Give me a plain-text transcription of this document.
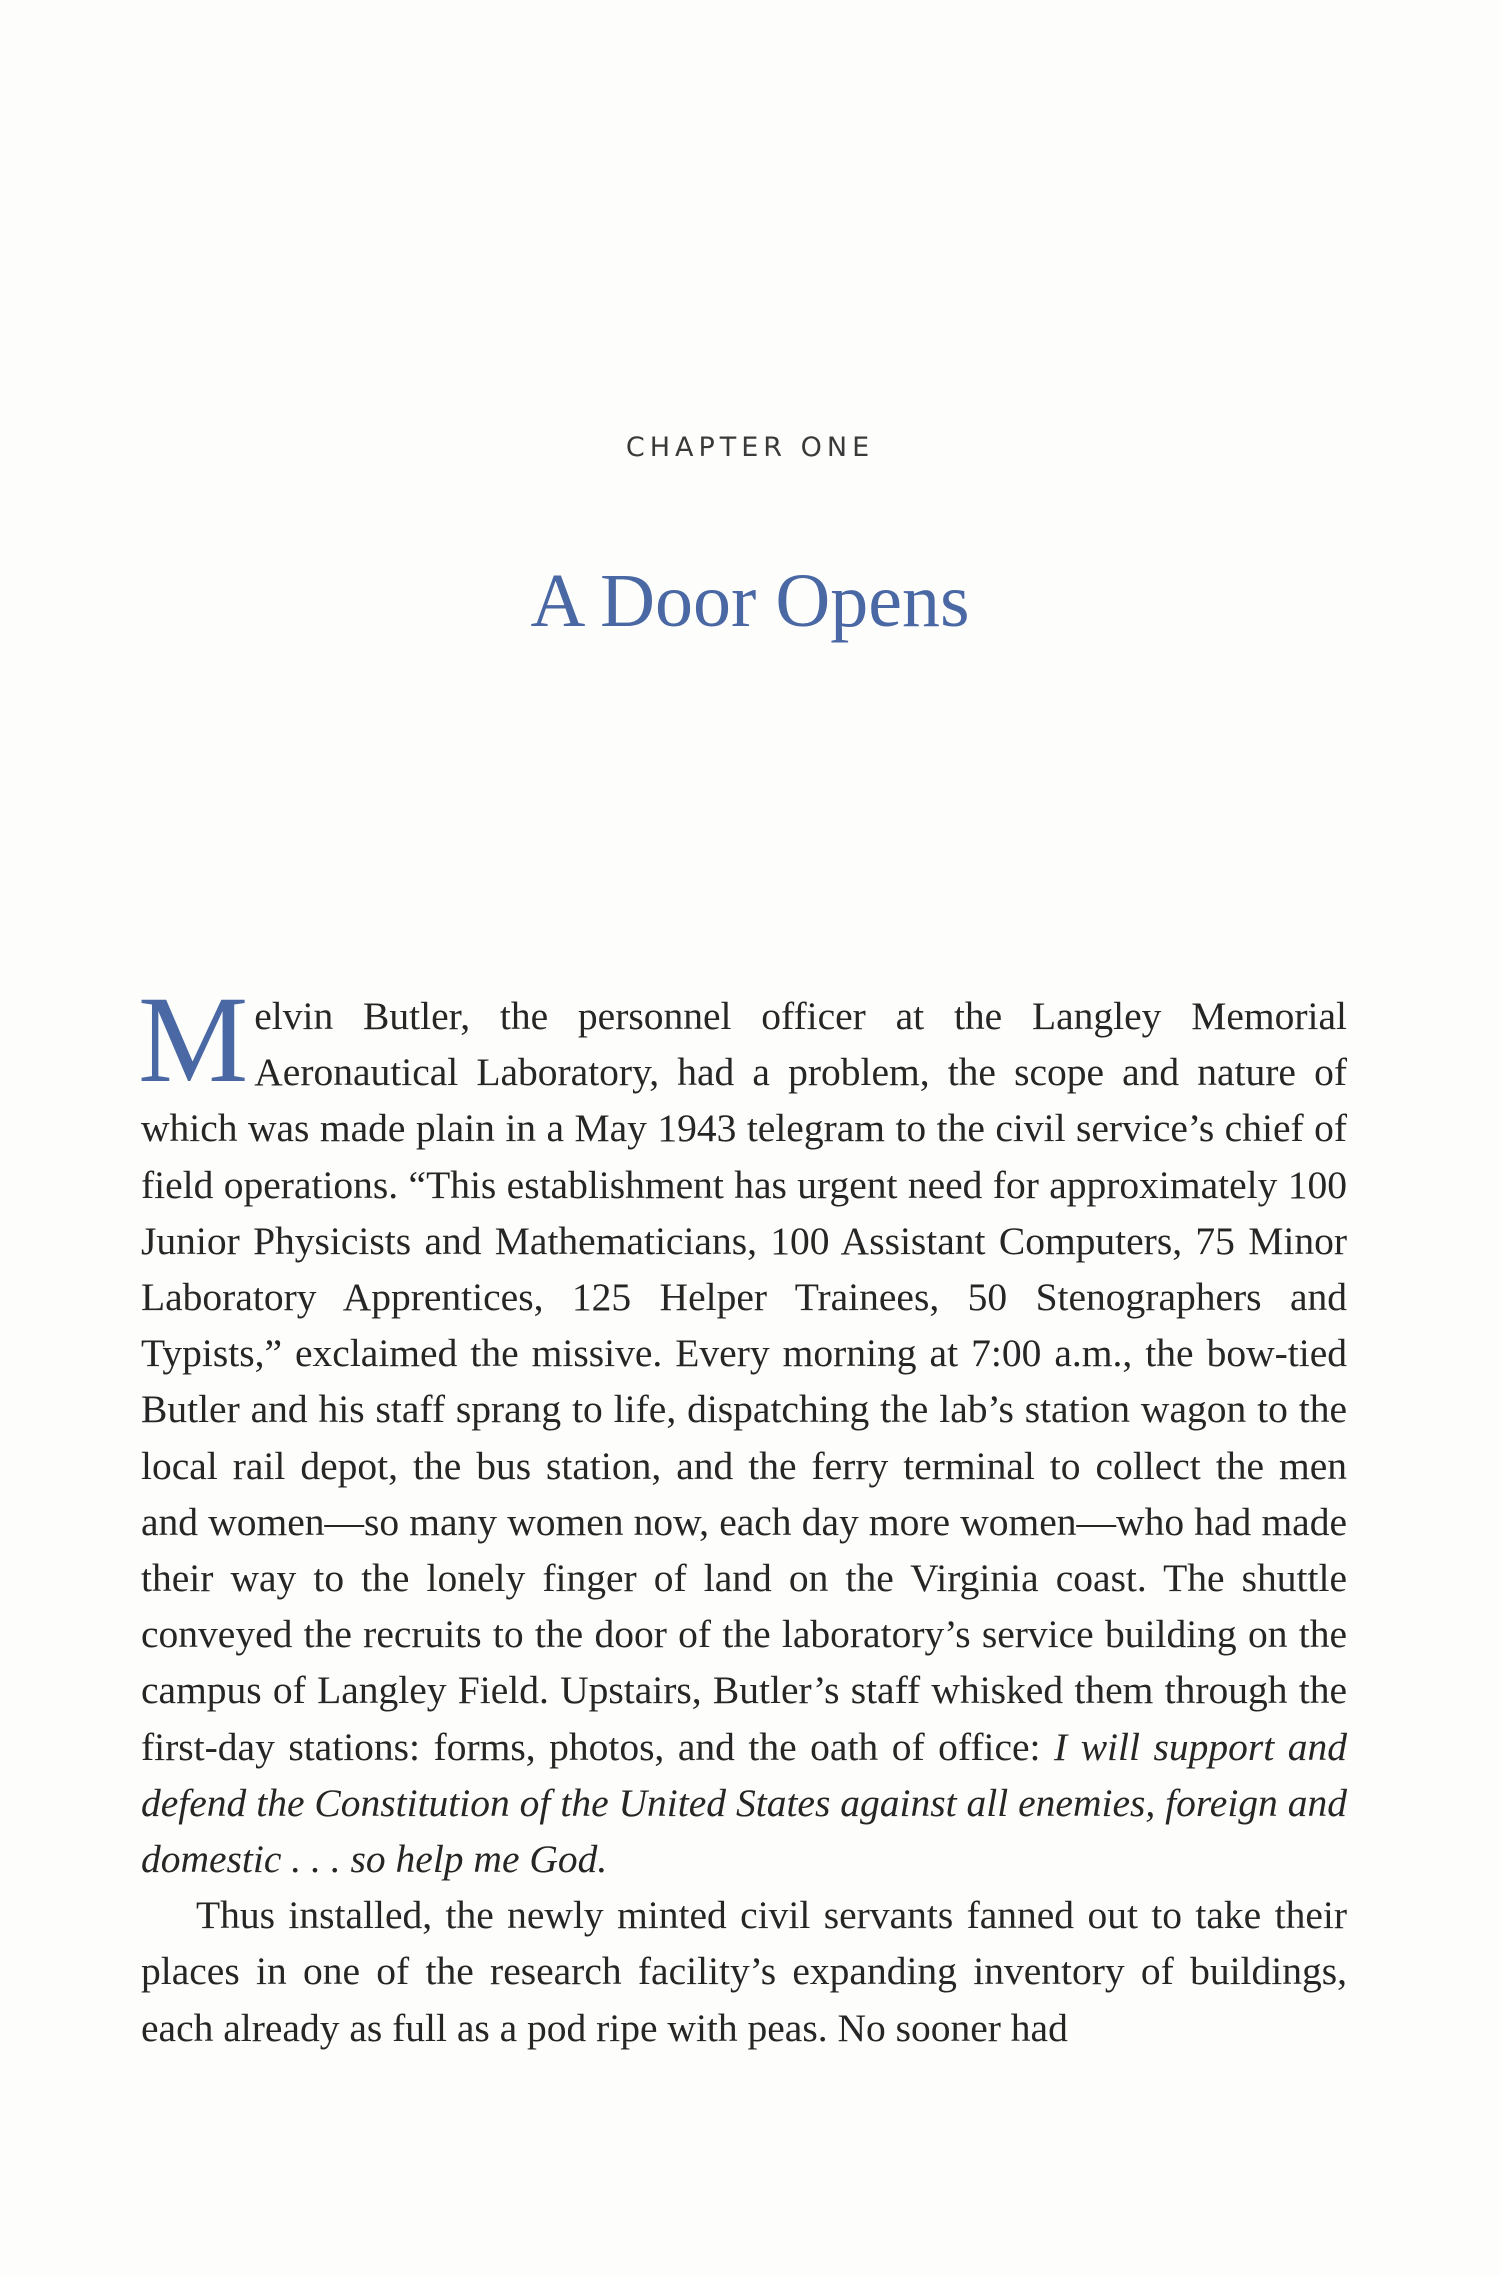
CHAPTER ONE
A Door Opens

Melvin Butler, the personnel officer at the Langley Memorial Aeronautical Laboratory, had a problem, the scope and nature of which was made plain in a May 1943 telegram to the civil service’s chief of field operations. “This establishment has urgent need for approximately 100 Junior Physicists and Mathematicians, 100 Assistant Computers, 75 Minor Laboratory Apprentices, 125 Helper Trainees, 50 Stenographers and Typists,” exclaimed the missive. Every morning at 7:00 a.m., the bow-tied Butler and his staff sprang to life, dispatching the lab’s station wagon to the local rail depot, the bus station, and the ferry terminal to collect the men and women—so many women now, each day more women—who had made their way to the lonely finger of land on the Virginia coast. The shuttle conveyed the recruits to the door of the laboratory’s service building on the campus of Langley Field. Upstairs, Butler’s staff whisked them through the first-day stations: forms, photos, and the oath of office: I will support and defend the Constitution of the United States against all enemies, foreign and domestic . . . so help me God.

Thus installed, the newly minted civil servants fanned out to take their places in one of the research facility’s expanding inventory of buildings, each already as full as a pod ripe with peas. No sooner had
